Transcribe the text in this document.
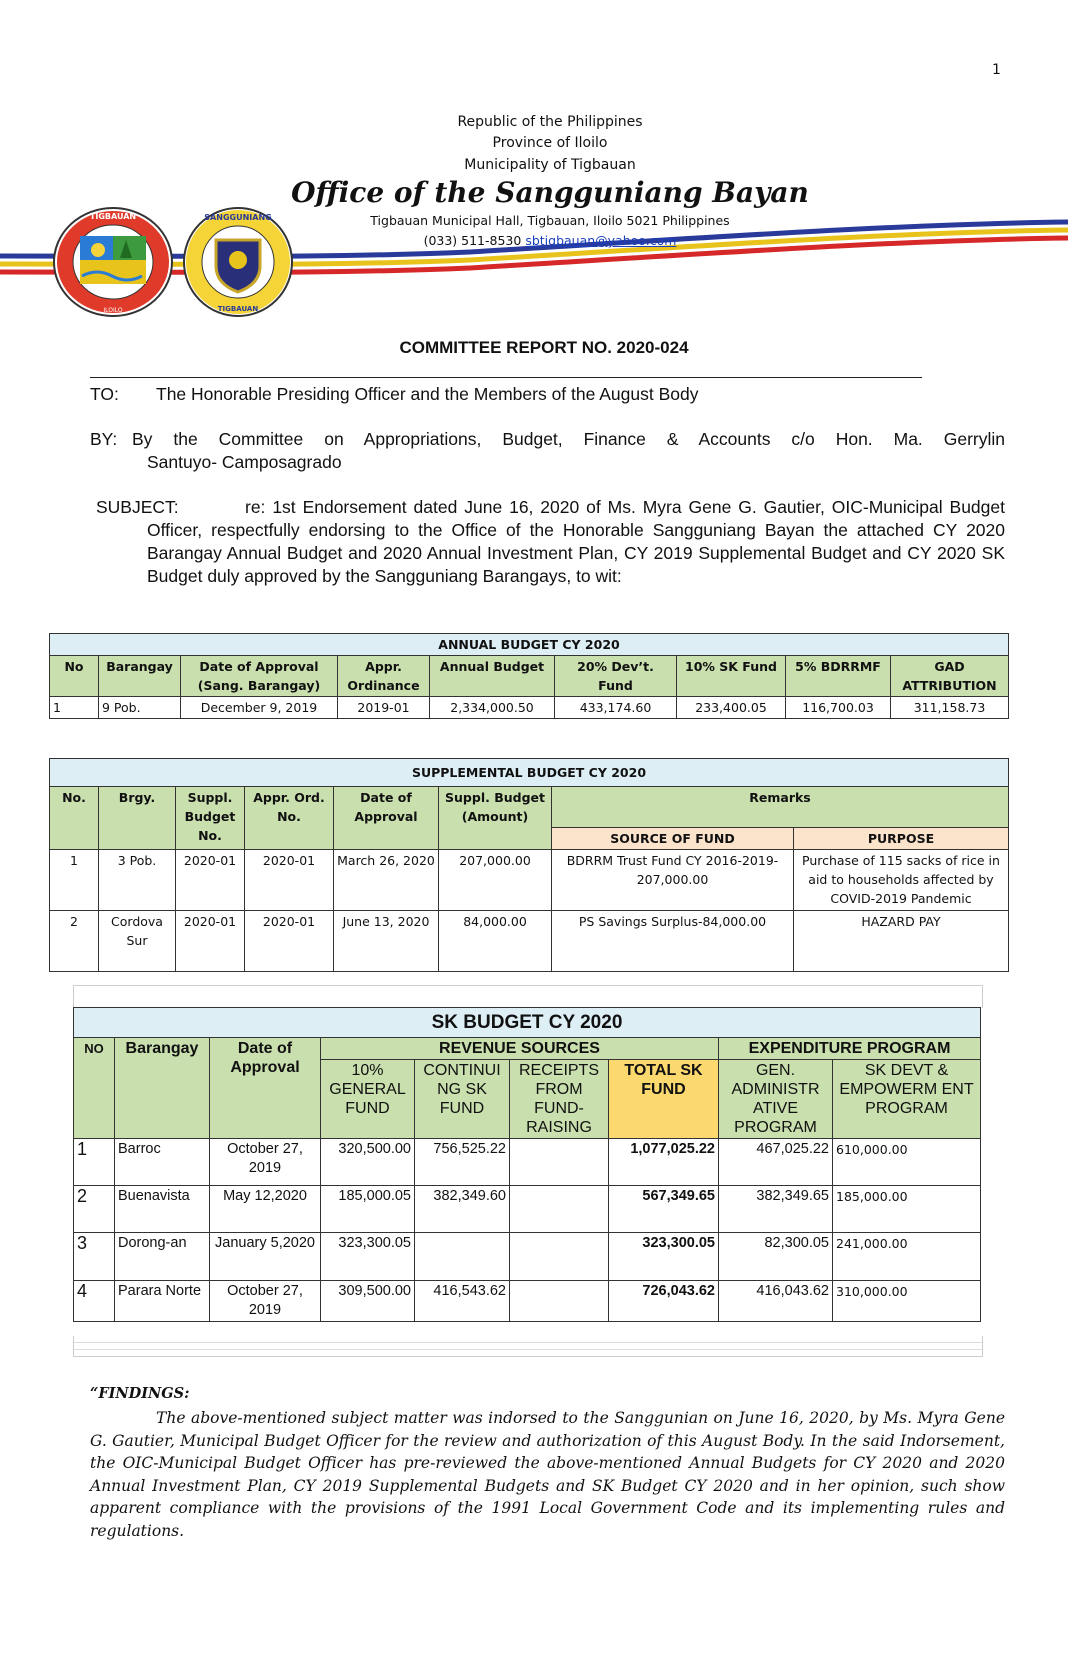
1
TIGBAUAN
ILOILO
SANGGUNIANG
TIGBAUAN
Republic of the Philippines
Province of Iloilo
Municipality of Tigbauan
Office of the Sangguniang Bayan
Tigbauan Municipal Hall, Tigbauan, Iloilo 5021 Philippines
(033) 511-8530 sbtigbauan@yahoo.com
COMMITTEE REPORT NO. 2020-024
TO: The Honorable Presiding Officer and the Members of the August Body
BY: By the Committee on Appropriations, Budget, Finance & Accounts c/o Hon. Ma. Gerrylin
Santuyo- Camposagrado
SUBJECT:	re: 1st Endorsement dated June 16, 2020 of Ms. Myra Gene G. Gautier, OIC-Municipal Budget Officer, respectfully endorsing to the Office of the Honorable Sangguniang Bayan the attached CY 2020 Barangay Annual Budget and 2020 Annual Investment Plan, CY 2019 Supplemental Budget and CY 2020 SK Budget duly approved by the Sangguniang Barangays, to wit:
ANNUAL BUDGET CY 2020								
No	Barangay	Date of Approval (Sang. Barangay)	Appr. Ordinance	Annual Budget	20% Dev’t. Fund	10% SK Fund	5% BDRRMF	GAD ATTRIBUTION
1	9 Pob.	December 9, 2019	2019-01	2,334,000.50	433,174.60	233,400.05	116,700.03	311,158.73
SUPPLEMENTAL BUDGET CY 2020							
No.	Brgy.	Suppl. Budget No.	Appr. Ord. No.	Date of Approval	Suppl. Budget (Amount)	Remarks	
						SOURCE OF FUND	PURPOSE
1	3 Pob.	2020-01	2020-01	March 26, 2020	207,000.00	BDRRM Trust Fund CY 2016-2019- 207,000.00	Purchase of 115 sacks of rice in aid to households affected by COVID-2019 Pandemic
2	Cordova Sur	2020-01	2020-01	June 13, 2020	84,000.00	PS Savings Surplus-84,000.00	HAZARD PAY
SK BUDGET CY 2020								
NO	Barangay	Date of Approval	REVENUE SOURCES				EXPENDITURE PROGRAM	
			10% GENERAL FUND	CONTINUI NG SK FUND	RECEIPTS FROM FUND-RAISING	TOTAL SK FUND	GEN. ADMINISTR ATIVE PROGRAM	SK DEVT & EMPOWERM ENT PROGRAM
1	Barroc	October 27, 2019	320,500.00	756,525.22		1,077,025.22	467,025.22	610,000.00
2	Buenavista	May 12,2020	185,000.05	382,349.60		567,349.65	382,349.65	185,000.00
3	Dorong-an	January 5,2020	323,300.05			323,300.05	82,300.05	241,000.00
4	Parara Norte	October 27, 2019	309,500.00	416,543.62		726,043.62	416,043.62	310,000.00
“FINDINGS:
The above-mentioned subject matter was indorsed to the Sanggunian on June 16, 2020, by Ms. Myra Gene G. Gautier, Municipal Budget Officer for the review and authorization of this August Body. In the said Indorsement, the OIC-Municipal Budget Officer has pre-reviewed the above-mentioned Annual Budgets for CY 2020 and 2020 Annual Investment Plan, CY 2019 Supplemental Budgets and SK Budget CY 2020 and in her opinion, such show apparent compliance with the provisions of the 1991 Local Government Code and its implementing rules and regulations.
